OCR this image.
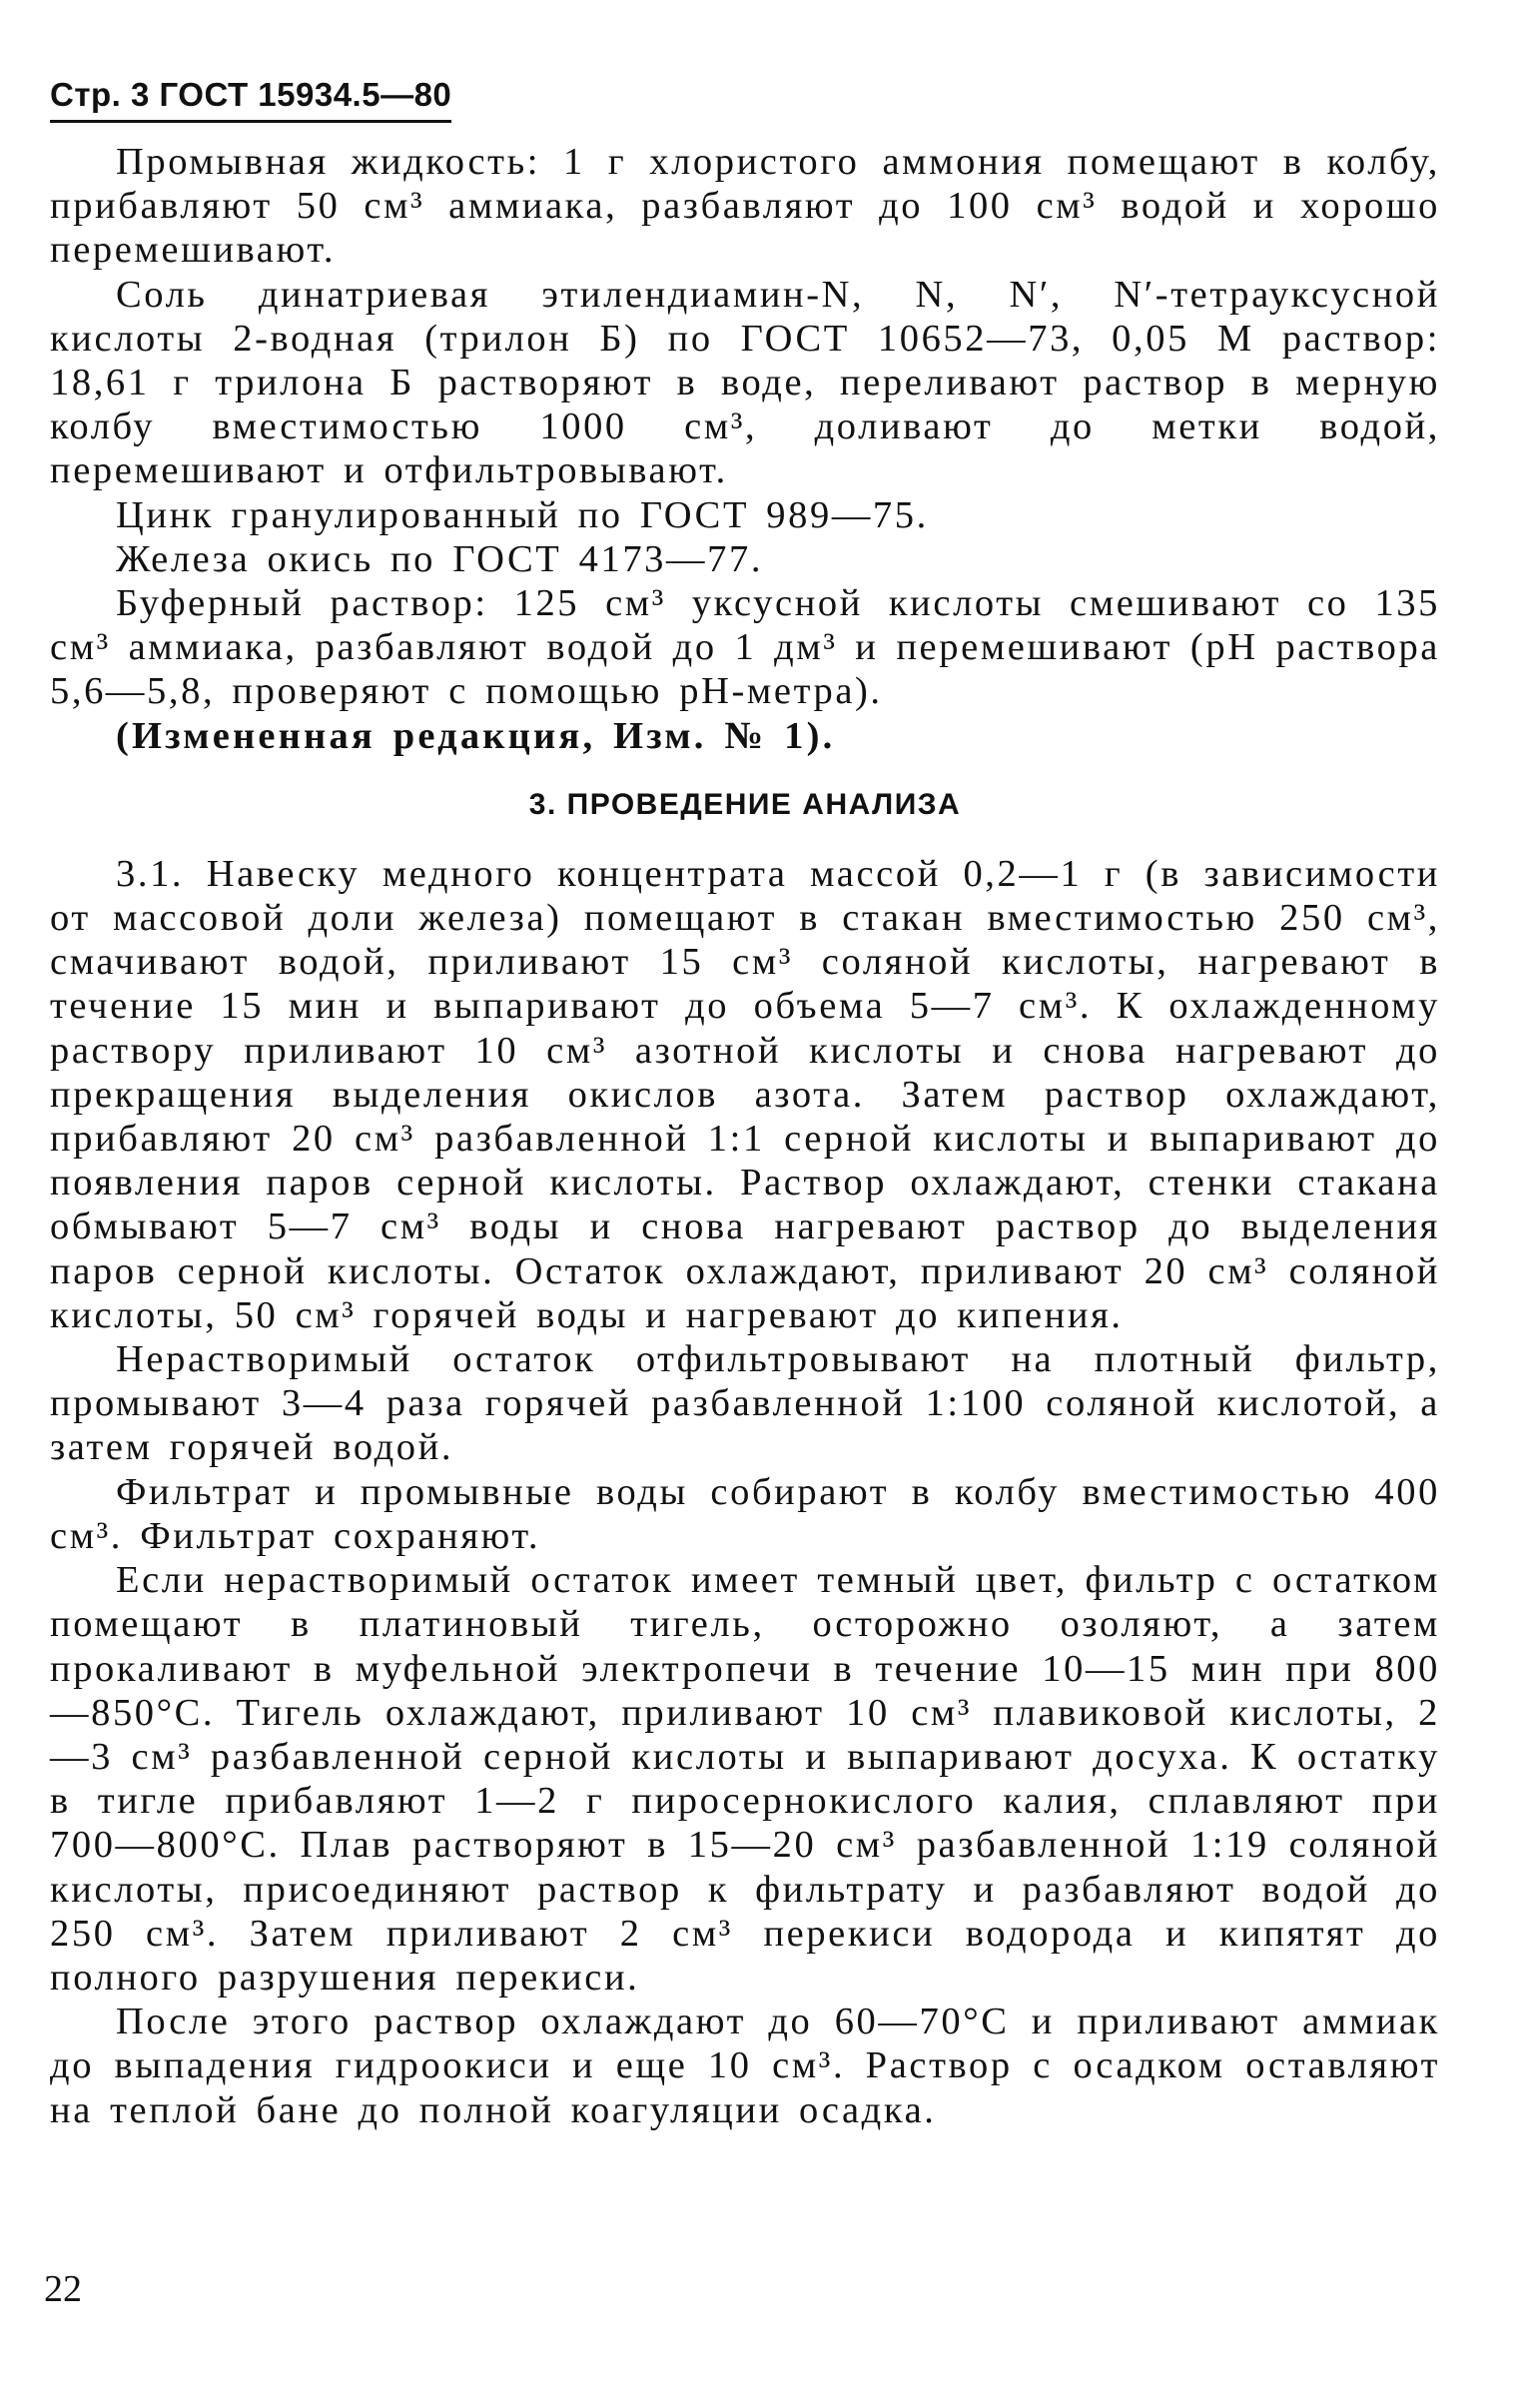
Стр. 3 ГОСТ 15934.5—80

Промывная жидкость: 1 г хлористого аммония помещают в колбу, прибавляют 50 см³ аммиака, разбавляют до 100 см³ водой и хорошо перемешивают.

Соль динатриевая этилендиамин-N, N, N′, N′-тетрауксусной кислоты 2-водная (трилон Б) по ГОСТ 10652—73, 0,05 М раствор: 18,61 г трилона Б растворяют в воде, переливают раствор в мерную колбу вместимостью 1000 см³, доливают до метки водой, перемешивают и отфильтровывают.

Цинк гранулированный по ГОСТ 989—75.

Железа окись по ГОСТ 4173—77.

Буферный раствор: 125 см³ уксусной кислоты смешивают со 135 см³ аммиака, разбавляют водой до 1 дм³ и перемешивают (рН раствора 5,6—5,8, проверяют с помощью рН-метра).

(Измененная редакция, Изм. № 1).

3. ПРОВЕДЕНИЕ АНАЛИЗА

3.1. Навеску медного концентрата массой 0,2—1 г (в зависимости от массовой доли железа) помещают в стакан вместимостью 250 см³, смачивают водой, приливают 15 см³ соляной кислоты, нагревают в течение 15 мин и выпаривают до объема 5—7 см³. К охлажденному раствору приливают 10 см³ азотной кислоты и снова нагревают до прекращения выделения окислов азота. Затем раствор охлаждают, прибавляют 20 см³ разбавленной 1:1 серной кислоты и выпаривают до появления паров серной кислоты. Раствор охлаждают, стенки стакана обмывают 5—7 см³ воды и снова нагревают раствор до выделения паров серной кислоты. Остаток охлаждают, приливают 20 см³ соляной кислоты, 50 см³ горячей воды и нагревают до кипения.

Нерастворимый остаток отфильтровывают на плотный фильтр, промывают 3—4 раза горячей разбавленной 1:100 соляной кислотой, а затем горячей водой.

Фильтрат и промывные воды собирают в колбу вместимостью 400 см³. Фильтрат сохраняют.

Если нерастворимый остаток имеет темный цвет, фильтр с остатком помещают в платиновый тигель, осторожно озоляют, а затем прокаливают в муфельной электропечи в течение 10—15 мин при 800—850°С. Тигель охлаждают, приливают 10 см³ плавиковой кислоты, 2—3 см³ разбавленной серной кислоты и выпаривают досуха. К остатку в тигле прибавляют 1—2 г пиросернокислого калия, сплавляют при 700—800°С. Плав растворяют в 15—20 см³ разбавленной 1:19 соляной кислоты, присоединяют раствор к фильтрату и разбавляют водой до 250 см³. Затем приливают 2 см³ перекиси водорода и кипятят до полного разрушения перекиси.

После этого раствор охлаждают до 60—70°С и приливают аммиак до выпадения гидроокиси и еще 10 см³. Раствор с осадком оставляют на теплой бане до полной коагуляции осадка.

22
